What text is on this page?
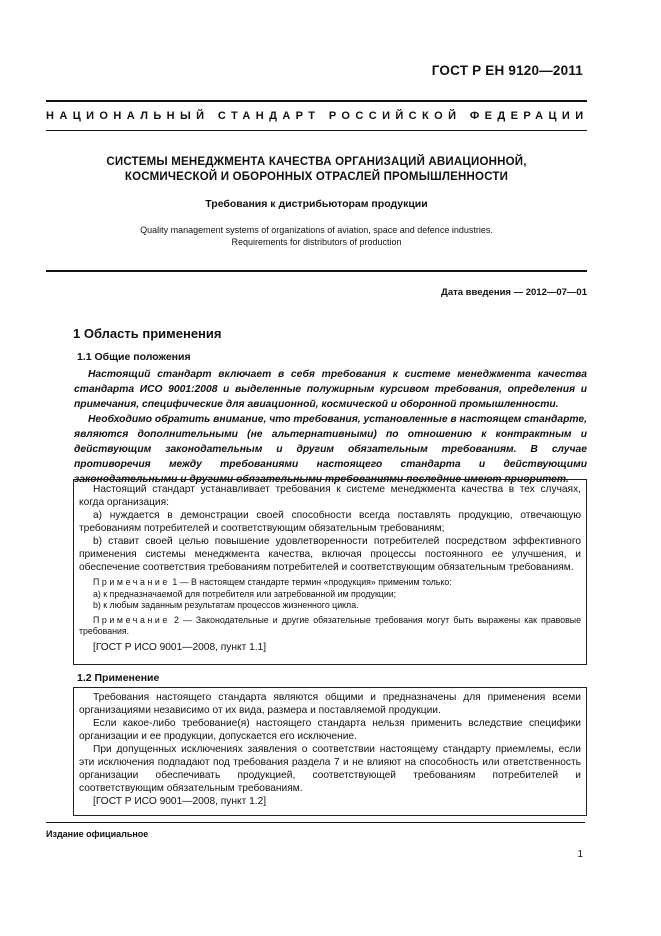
ГОСТ Р ЕН 9120—2011
НАЦИОНАЛЬНЫЙ СТАНДАРТ РОССИЙСКОЙ ФЕДЕРАЦИИ
СИСТЕМЫ МЕНЕДЖМЕНТА КАЧЕСТВА ОРГАНИЗАЦИЙ АВИАЦИОННОЙ,
КОСМИЧЕСКОЙ И ОБОРОННЫХ ОТРАСЛЕЙ ПРОМЫШЛЕННОСТИ
Требования к дистрибьюторам продукции
Quality management systems of organizations of aviation, space and defence industries.
Requirements for distributors of production
Дата введения — 2012—07—01
1 Область применения
1.1 Общие положения

Настоящий стандарт включает в себя требования к системе менеджмента качества стандарта ИСО 9001:2008 и выделенные полужирным курсивом требования, определения и примечания, специфические для авиационной, космической и оборонной промышленности.

Необходимо обратить внимание, что требования, установленные в настоящем стандарте, являются дополнительными (не альтернативными) по отношению к контрактным и действующим законодательным и другим обязательным требованиям. В случае противоречия между требованиями настоящего стандарта и действующими законодательными и другими обязательными требованиями последние имеют приоритет.

Настоящий стандарт устанавливает требования к системе менеджмента качества в тех случаях, когда организация:

а) нуждается в демонстрации своей способности всегда поставлять продукцию, отвечающую требованиям потребителей и соответствующим обязательным требованиям;

b) ставит своей целью повышение удовлетворенности потребителей посредством эффективного применения системы менеджмента качества, включая процессы постоянного ее улучшения, и обеспечение соответствия требованиям потребителей и соответствующим обязательным требованиям.

Примечание 1 — В настоящем стандарте термин «продукция» применим только:

а) к предназначаемой для потребителя или затребованной им продукции;

b) к любым заданным результатам процессов жизненного цикла.

Примечание 2 — Законодательные и другие обязательные требования могут быть выражены как правовые требования.

[ГОСТ Р ИСО 9001—2008, пункт 1.1]

1.2 Применение

Требования настоящего стандарта являются общими и предназначены для применения всеми организациями независимо от их вида, размера и поставляемой продукции.

Если какое-либо требование(я) настоящего стандарта нельзя применить вследствие специфики организации и ее продукции, допускается его исключение.

При допущенных исключениях заявления о соответствии настоящему стандарту приемлемы, если эти исключения подпадают под требования раздела 7 и не влияют на способность или ответственность организации обеспечивать продукцией, соответствующей требованиям потребителей и соответствующим обязательным требованиям.

[ГОСТ Р ИСО 9001—2008, пункт 1.2]

Издание официальное
1
